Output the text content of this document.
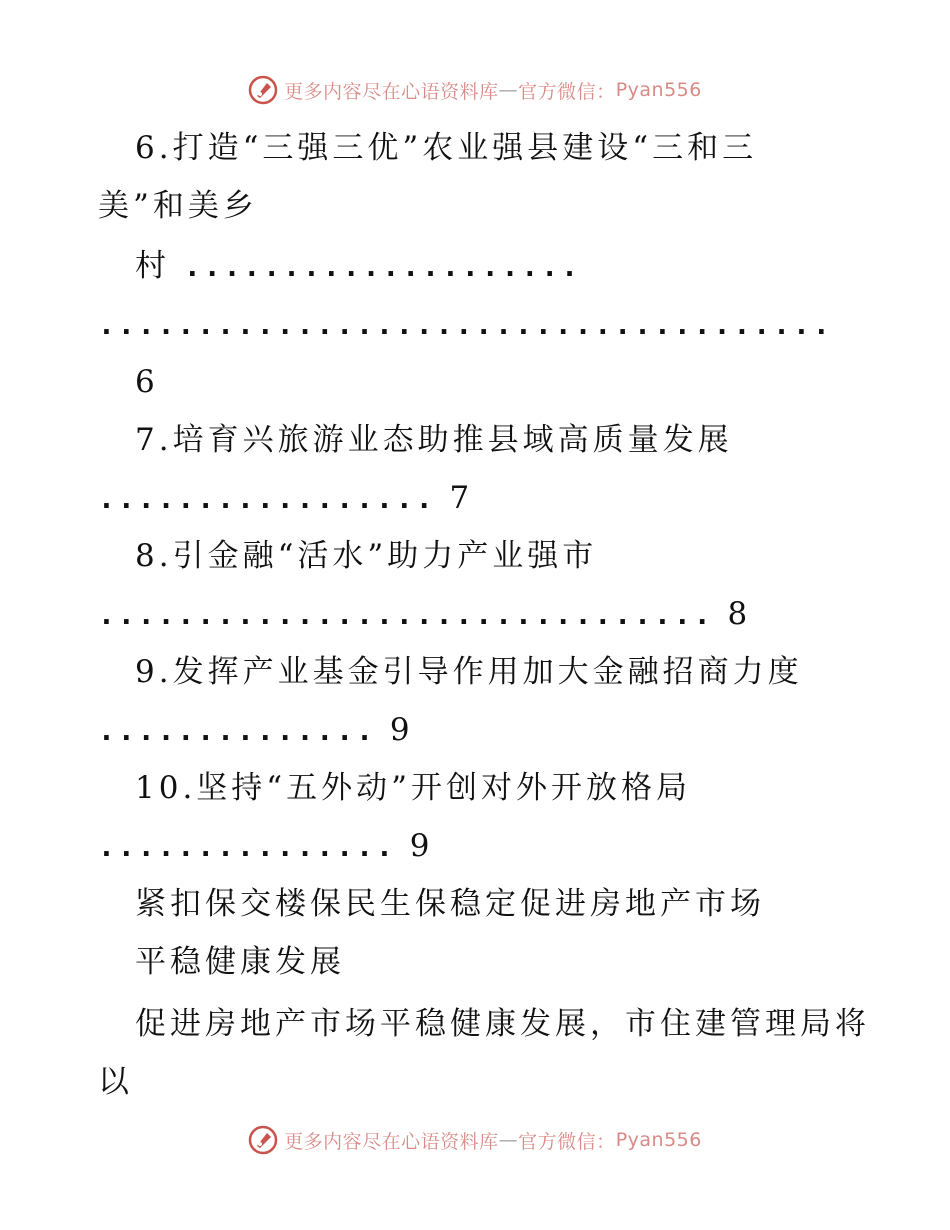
更多内容尽在心语资料库 — 官方微信： Pyan556
6.打造“三强三优”农业强县建设“三和三
美”和美乡
村 ....................
.....................................
6
7.培育兴旅游业态助推县域高质量发展
................. 7
8.引金融“活水”助力产业强市
............................... 8
9.发挥产业基金引导作用加大金融招商力度
.............. 9
10.坚持“五外动”开创对外开放格局
............... 9
紧扣保交楼保民生保稳定促进房地产市场
平稳健康发展
促进房地产市场平稳健康发展，市住建管理局将
以
更多内容尽在心语资料库 — 官方微信： Pyan556
